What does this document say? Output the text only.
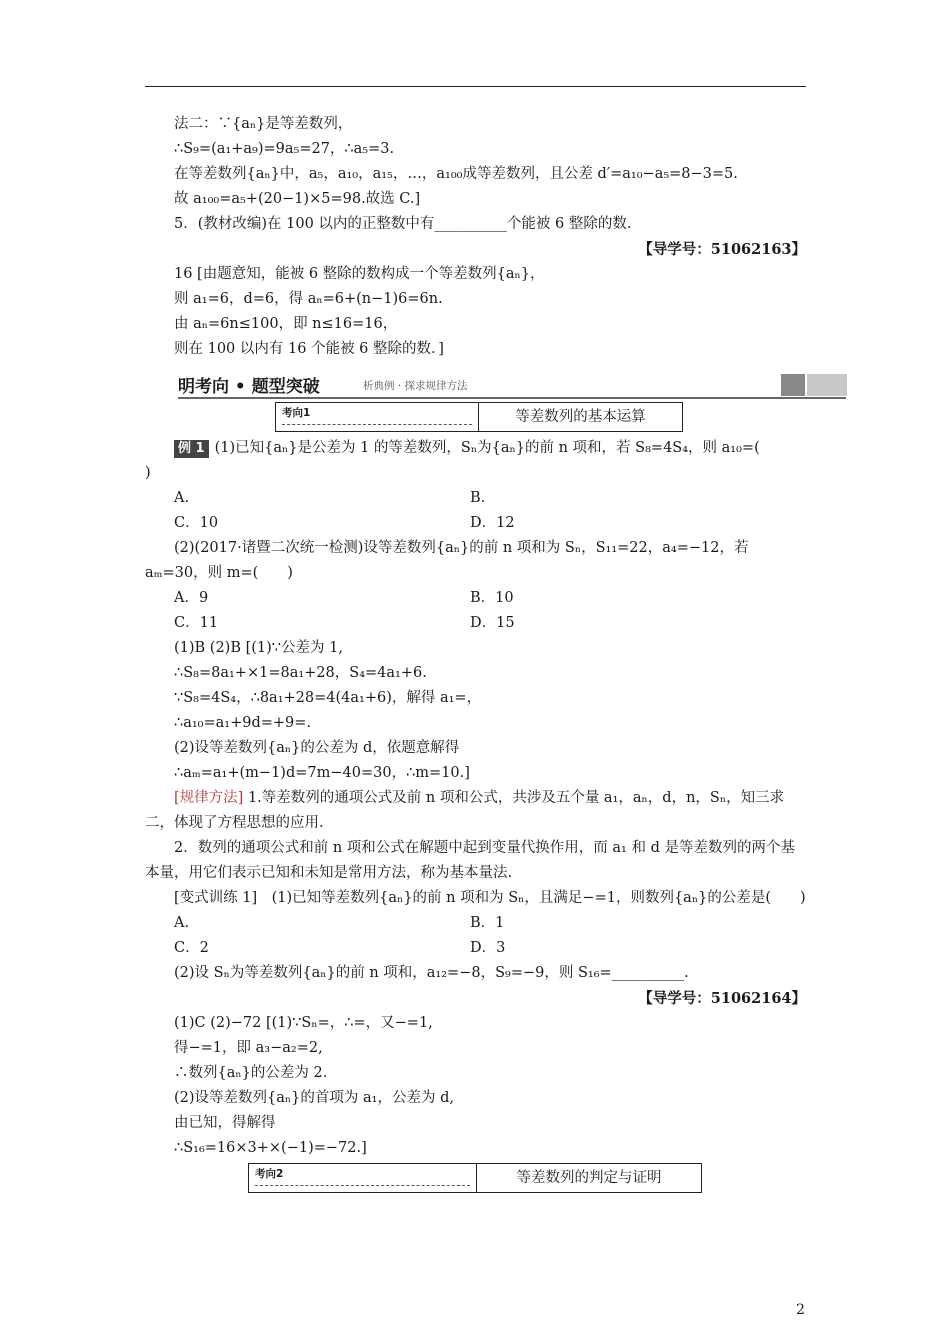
法二：∵{aₙ}是等差数列，
∴S₉=(a₁+a₉)=9a₅=27，∴a₅=3.
在等差数列{aₙ}中，a₅，a₁₀，a₁₅，…，a₁₀₀成等差数列，且公差 d′=a₁₀−a₅=8−3=5.
故 a₁₀₀=a₅+(20−1)×5=98.故选 C.]
5．(教材改编)在 100 以内的正整数中有__________个能被 6 整除的数.
【导学号：51062163】
16 [由题意知，能被 6 整除的数构成一个等差数列{aₙ}，
则 a₁=6，d=6，得 aₙ=6+(n−1)6=6n.
由 aₙ=6n≤100，即 n≤16=16，
则在 100 以内有 16 个能被 6 整除的数．]
明考向 • 题型突破	析典例 · 探求规律方法
考向1	等差数列的基本运算
例 1 (1)已知{aₙ}是公差为 1 的等差数列，Sₙ为{aₙ}的前 n 项和，若 S₈=4S₄，则 a₁₀=(
)
A.	B.
C．10	D．12
(2)(2017·诸暨二次统一检测)设等差数列{aₙ}的前 n 项和为 Sₙ，S₁₁=22，a₄=−12，若
aₘ=30，则 m=(　　)
A．9	B．10
C．11	D．15
(1)B (2)B [(1)∵公差为 1,
∴S₈=8a₁+×1=8a₁+28，S₄=4a₁+6.
∵S₈=4S₄，∴8a₁+28=4(4a₁+6)，解得 a₁=，
∴a₁₀=a₁+9d=+9=.
(2)设等差数列{aₙ}的公差为 d，依题意解得
∴aₘ=a₁+(m−1)d=7m−40=30，∴m=10.]
[规律方法] 1.等差数列的通项公式及前 n 项和公式，共涉及五个量 a₁，aₙ，d，n，Sₙ，知三求二，体现了方程思想的应用.
2．数列的通项公式和前 n 项和公式在解题中起到变量代换作用，而 a₁ 和 d 是等差数列的两个基本量，用它们表示已知和未知是常用方法，称为基本量法.
[变式训练 1]　(1)已知等差数列{aₙ}的前 n 项和为 Sₙ，且满足−=1，则数列{aₙ}的公差是(　　)
A.	B．1
C．2	D．3
(2)设 Sₙ为等差数列{aₙ}的前 n 项和，a₁₂=−8，S₉=−9，则 S₁₆=__________.
【导学号：51062164】
(1)C (2)−72 [(1)∵Sₙ=，∴=，又−=1,
得−=1，即 a₃−a₂=2,
∴数列{aₙ}的公差为 2.
(2)设等差数列{aₙ}的首项为 a₁，公差为 d,
由已知，得解得
∴S₁₆=16×3+×(−1)=−72.]
考向2	等差数列的判定与证明
2
